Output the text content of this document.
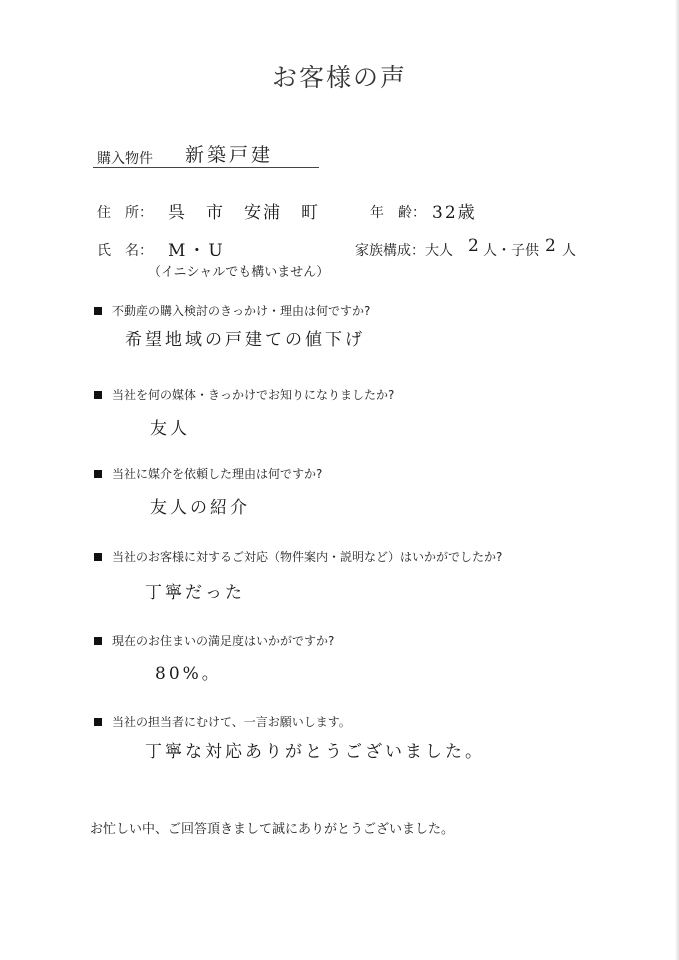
お客様の声
購入物件 新築戸建
住　所： 呉　市　安浦　町	年　齢： 32歳
氏　名： M・U
（イニシャルでも構いません）
家族構成：大人 2 人・子供 2 人
不動産の購入検討のきっかけ・理由は何ですか?
希望地域の戸建ての値下げ
当社を何の媒体・きっかけでお知りになりましたか?
友人
当社に媒介を依頼した理由は何ですか?
友人の紹介
当社のお客様に対するご対応（物件案内・説明など）はいかがでしたか?
丁寧だった
現在のお住まいの満足度はいかがですか?
80%。
当社の担当者にむけて、一言お願いします。
丁寧な対応ありがとうございました。
お忙しい中、ご回答頂きまして誠にありがとうございました。
